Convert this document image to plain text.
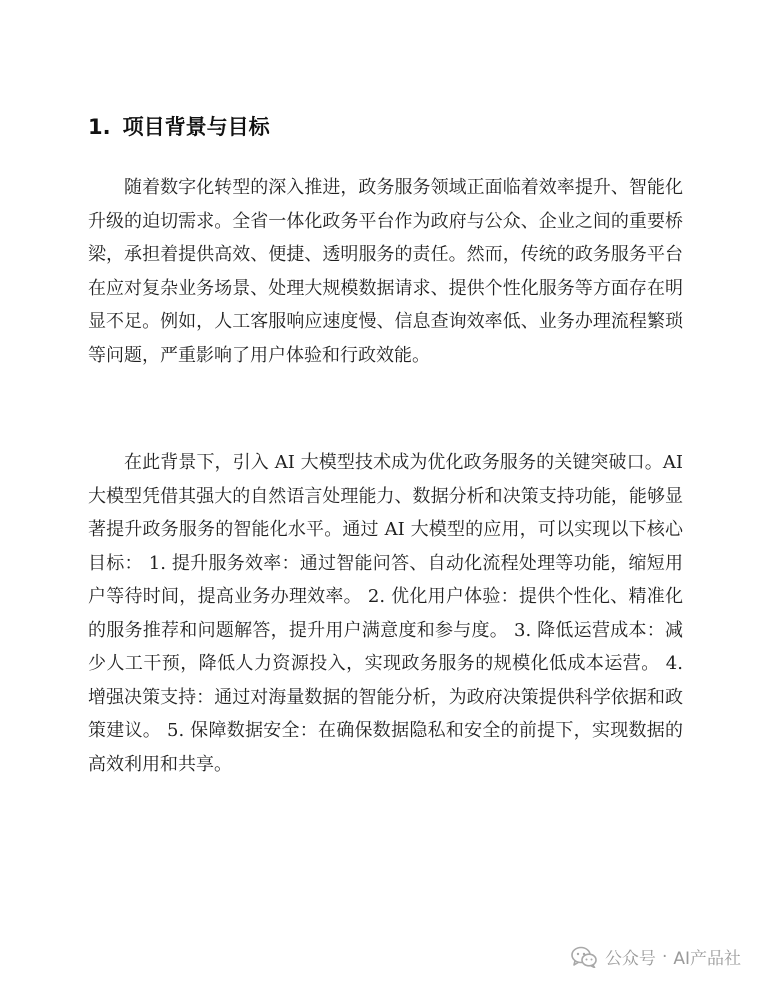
1. 项目背景与目标

随着数字化转型的深入推进，政务服务领域正面临着效率提升、智能化升级的迫切需求。全省一体化政务平台作为政府与公众、企业之间的重要桥梁，承担着提供高效、便捷、透明服务的责任。然而，传统的政务服务平台在应对复杂业务场景、处理大规模数据请求、提供个性化服务等方面存在明显不足。例如，人工客服响应速度慢、信息查询效率低、业务办理流程繁琐等问题，严重影响了用户体验和行政效能。

在此背景下，引入 AI 大模型技术成为优化政务服务的关键突破口。AI 大模型凭借其强大的自然语言处理能力、数据分析和决策支持功能，能够显著提升政务服务的智能化水平。通过 AI 大模型的应用，可以实现以下核心目标： 1. 提升服务效率：通过智能问答、自动化流程处理等功能，缩短用户等待时间，提高业务办理效率。 2. 优化用户体验：提供个性化、精准化的服务推荐和问题解答，提升用户满意度和参与度。 3. 降低运营成本：减少人工干预，降低人力资源投入，实现政务服务的规模化低成本运营。 4. 增强决策支持：通过对海量数据的智能分析，为政府决策提供科学依据和政策建议。 5. 保障数据安全：在确保数据隐私和安全的前提下，实现数据的高效利用和共享。

公众号 · AI产品社
